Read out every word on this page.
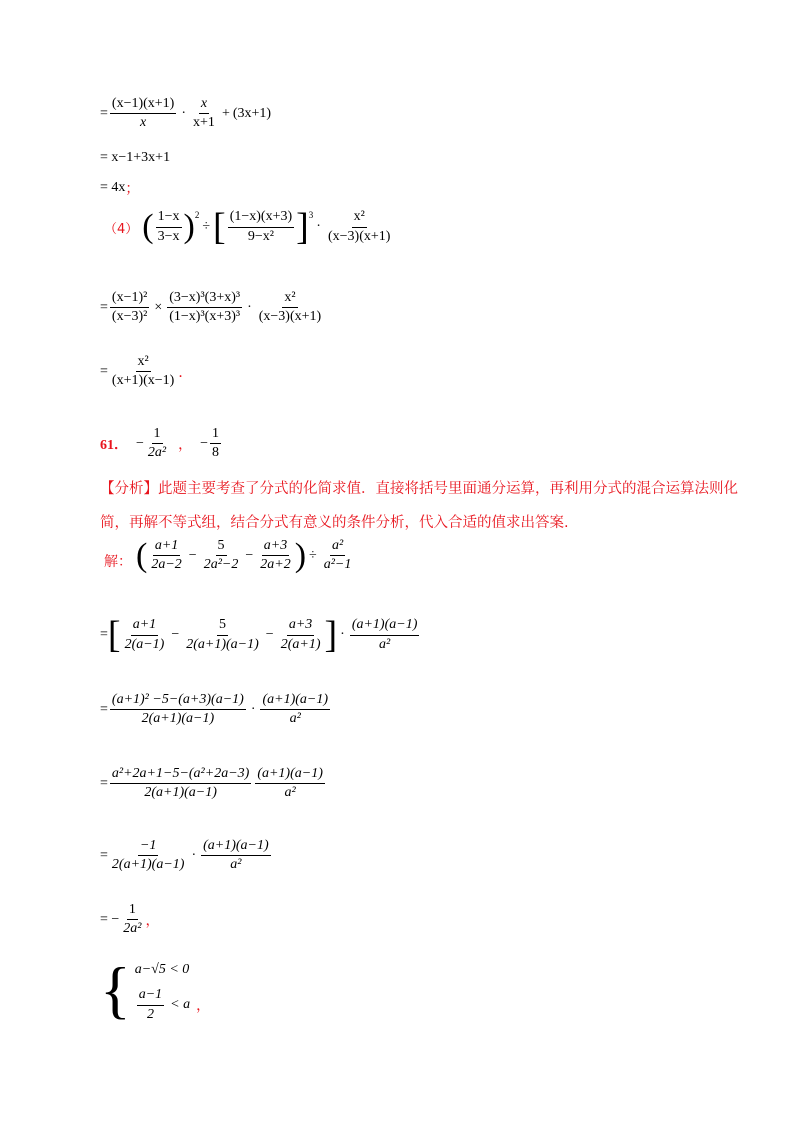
= $\frac{(x-1)(x+1)}{x} \cdot \frac{x}{x+1} + (3x+1)$
= x−1+3x+1
= 4x ；
（4） ( $\frac{1-x}{3-x} )^2$
÷ [ $\frac{(1-x)(x+3)}{\text{9−x²}} ]^3$
· $\frac{\text{x²}}{(x-3)(x+1)}$
= $\frac{\text{(x−1)²}}{\text{(x−3)²}} \times \frac{\text{(3−x)³(3+x)³}}{\text{(1−x)³(x+3)³}} \cdot \frac{\text{x²}}{(x-3)(x+1)}$
= $\frac{\text{x²}}{(x+1)(x-1)}$ ．
61． − $\frac{1}{\text{2a²}}$ ， − $\frac{1}{8}$
【分析】此题主要考查了分式的化简求值．直接将括号里面通分运算，再利用分式的混合运算法则化简，再解不等式组，结合分式有意义的条件分析，代入合适的值求出答案.
解： ( $\frac{a+1}{2a-2} - \frac{5}{\text{2a²−2}} - \frac{a+3}{2a+2}$ ) ÷ $\frac{\text{a²}}{\text{a²−1}}$
= [ $\frac{a+1}{2(a-1)} - \frac{5}{2(a+1)(a-1)} - \frac{a+3}{2(a+1)}$ ] · $\frac{(a+1)(a-1)}{\text{a²}}$
= $\frac{\text{(a+1)² −5−(a+3)(a−1)}}{2(a+1)(a-1)} \cdot \frac{(a+1)(a-1)}{\text{a²}}$
= $\frac{\text{a²+2a+1−5−(a²+2a−3)}}{2(a+1)(a-1)} \frac{(a+1)(a-1)}{\text{a²}}$
= $\frac{-1}{2(a+1)(a-1)} \cdot \frac{(a+1)(a-1)}{\text{a²}}$
= − $\frac{1}{\text{2a²}}$ ，
{ a−√5 < 0
$\frac{a-1}{2} < a$ ，
